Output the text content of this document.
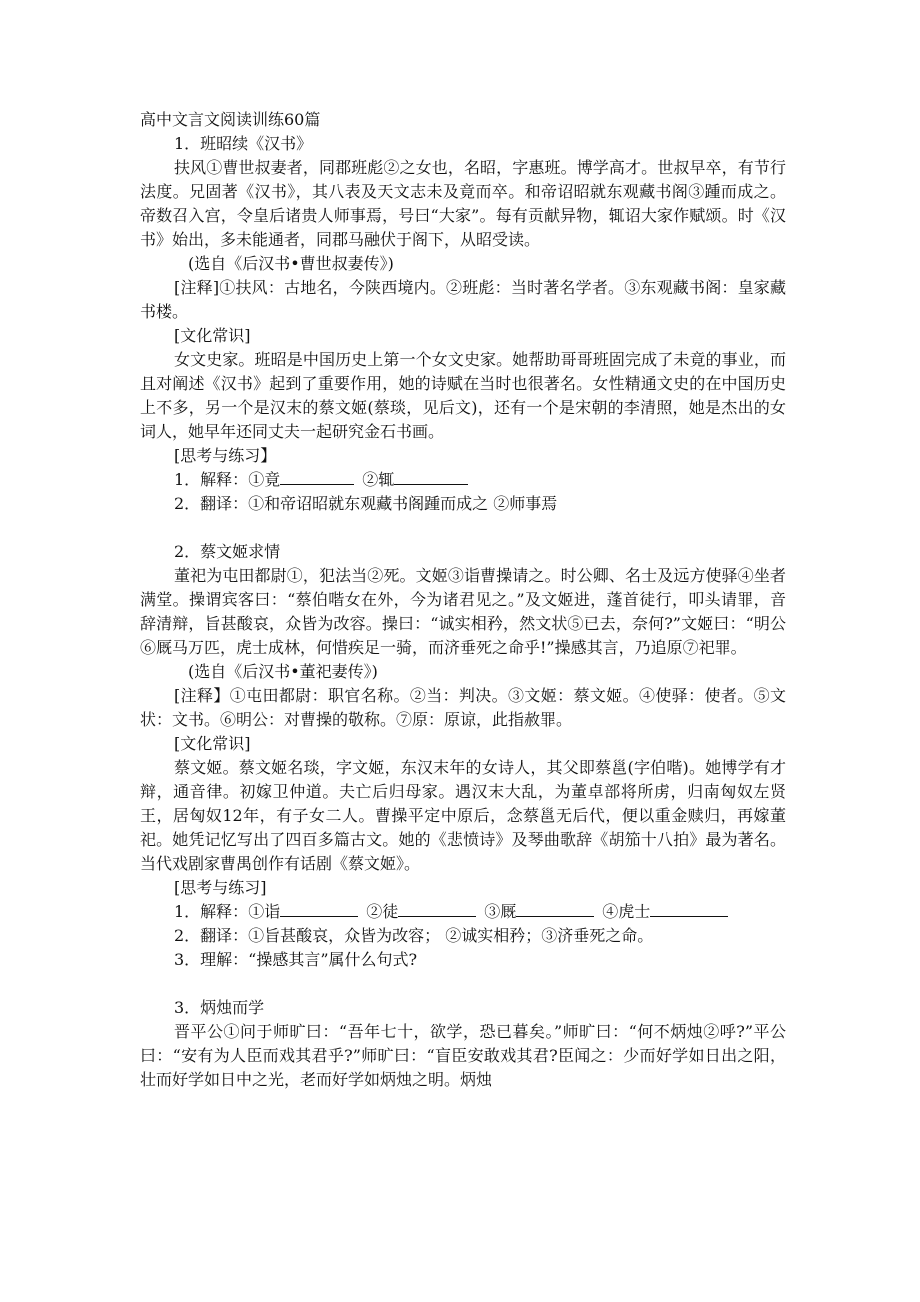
高中文言文阅读训练60篇

1．班昭续《汉书》

扶风①曹世叔妻者，同郡班彪②之女也，名昭，字惠班。博学高才。世叔早卒，有节行法度。兄固著《汉书》，其八表及天文志未及竟而卒。和帝诏昭就东观藏书阁③踵而成之。帝数召入宫，令皇后诸贵人师事焉，号曰“大家”。每有贡献异物，辄诏大家作赋颂。时《汉书》始出，多未能通者，同郡马融伏于阁下，从昭受读。

(选自《后汉书•曹世叔妻传》)

[注释]①扶风：古地名，今陕西境内。②班彪：当时著名学者。③东观藏书阁：皇家藏书楼。

[文化常识]

女文史家。班昭是中国历史上第一个女文史家。她帮助哥哥班固完成了未竟的事业，而且对阐述《汉书》起到了重要作用，她的诗赋在当时也很著名。女性精通文史的在中国历史上不多，另一个是汉末的蔡文姬(蔡琰，见后文)，还有一个是宋朝的李清照，她是杰出的女词人，她早年还同丈夫一起研究金石书画。

[思考与练习】

1．解释：①竟	②辄

2．翻译：①和帝诏昭就东观藏书阁踵而成之 ②师事焉

2．蔡文姬求情

董祀为屯田都尉①，犯法当②死。文姬③诣曹操请之。时公卿、名士及远方使驿④坐者满堂。操谓宾客曰：“蔡伯喈女在外，今为诸君见之。”及文姬进，蓬首徒行，叩头请罪，音辞清辩，旨甚酸哀，众皆为改容。操曰：“诚实相矜，然文状⑤已去，奈何?”文姬曰：“明公⑥厩马万匹，虎士成林，何惜疾足一骑，而济垂死之命乎!”操感其言，乃追原⑦祀罪。

(选自《后汉书•董祀妻传》)

[注释】①屯田都尉：职官名称。②当：判决。③文姬：蔡文姬。④使驿：使者。⑤文状：文书。⑥明公：对曹操的敬称。⑦原：原谅，此指赦罪。

[文化常识]

蔡文姬。蔡文姬名琰，字文姬，东汉末年的女诗人，其父即蔡邕(字伯喈)。她博学有才辩，通音律。初嫁卫仲道。夫亡后归母家。遇汉末大乱，为董卓部将所虏，归南匈奴左贤王，居匈奴12年，有子女二人。曹操平定中原后，念蔡邕无后代，便以重金赎归，再嫁董祀。她凭记忆写出了四百多篇古文。她的《悲愤诗》及琴曲歌辞《胡笳十八拍》最为著名。当代戏剧家曹禺创作有话剧《蔡文姬》。

[思考与练习]

1．解释：①诣	②徒	③厩	④虎士

2．翻译：①旨甚酸哀，众皆为改容； ②诚实相矜；③济垂死之命。

3．理解：“操感其言”属什么句式?

3．炳烛而学

晋平公①问于师旷曰：“吾年七十，欲学，恐已暮矣。”师旷曰：“何不炳烛②呼?”平公曰：“安有为人臣而戏其君乎?”师旷曰：“盲臣安敢戏其君?臣闻之：少而好学如日出之阳，壮而好学如日中之光，老而好学如炳烛之明。炳烛
